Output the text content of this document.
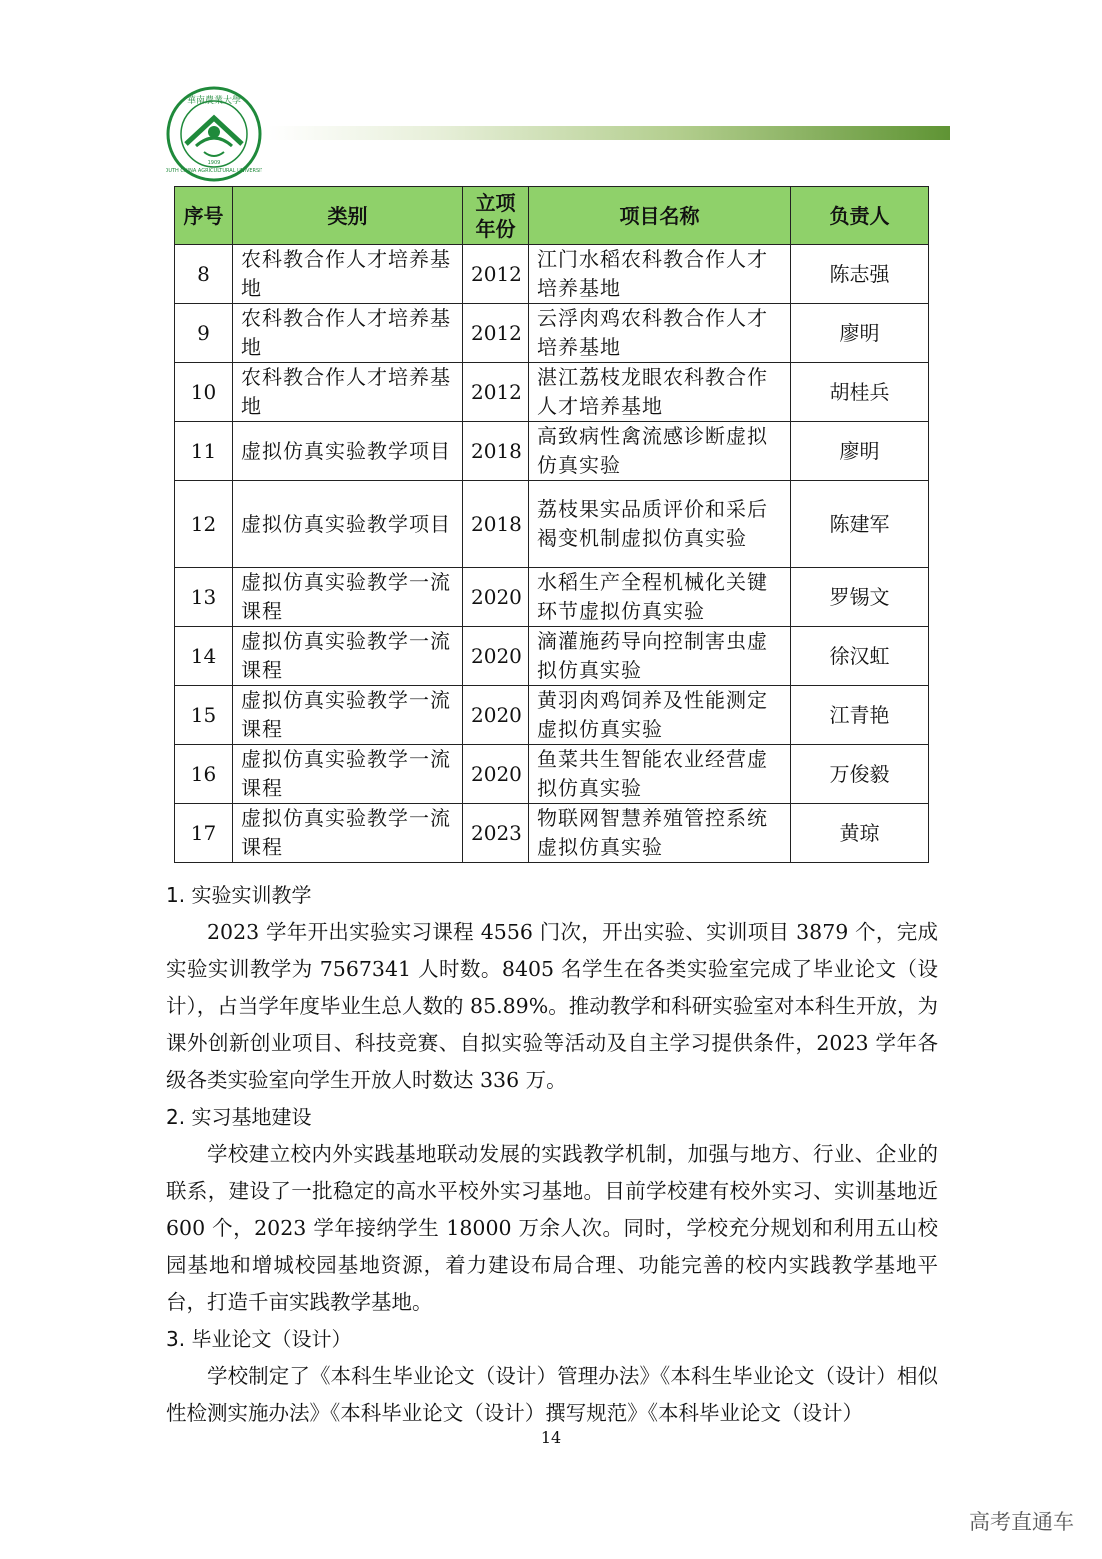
華南農業大學
SOUTH CHINA AGRICULTURAL UNIVERSITY
1909
序号	类别	立项年份	项目名称	负责人
8	农科教合作人才培养基地	2012	江门水稻农科教合作人才培养基地	陈志强
9	农科教合作人才培养基地	2012	云浮肉鸡农科教合作人才培养基地	廖明
10	农科教合作人才培养基地	2012	湛江荔枝龙眼农科教合作人才培养基地	胡桂兵
11	虚拟仿真实验教学项目	2018	高致病性禽流感诊断虚拟仿真实验	廖明
12	虚拟仿真实验教学项目	2018	荔枝果实品质评价和采后褐变机制虚拟仿真实验	陈建军
13	虚拟仿真实验教学一流课程	2020	水稻生产全程机械化关键环节虚拟仿真实验	罗锡文
14	虚拟仿真实验教学一流课程	2020	滴灌施药导向控制害虫虚拟仿真实验	徐汉虹
15	虚拟仿真实验教学一流课程	2020	黄羽肉鸡饲养及性能测定虚拟仿真实验	江青艳
16	虚拟仿真实验教学一流课程	2020	鱼菜共生智能农业经营虚拟仿真实验	万俊毅
17	虚拟仿真实验教学一流课程	2023	物联网智慧养殖管控系统虚拟仿真实验	黄琼
1. 实验实训教学

2023 学年开出实验实习课程 4556 门次，开出实验、实训项目 3879 个，完成实验实训教学为 7567341 人时数。8405 名学生在各类实验室完成了毕业论文（设计），占当学年度毕业生总人数的 85.89%。推动教学和科研实验室对本科生开放，为课外创新创业项目、科技竞赛、自拟实验等活动及自主学习提供条件，2023 学年各级各类实验室向学生开放人时数达 336 万。

2. 实习基地建设

学校建立校内外实践基地联动发展的实践教学机制，加强与地方、行业、企业的联系，建设了一批稳定的高水平校外实习基地。目前学校建有校外实习、实训基地近 600 个，2023 学年接纳学生 18000 万余人次。同时，学校充分规划和利用五山校园基地和增城校园基地资源，着力建设布局合理、功能完善的校内实践教学基地平台，打造千亩实践教学基地。

3. 毕业论文（设计）

学校制定了《本科生毕业论文（设计）管理办法》《本科生毕业论文（设计）相似性检测实施办法》《本科毕业论文（设计）撰写规范》《本科毕业论文（设计）

14
高考直通车
